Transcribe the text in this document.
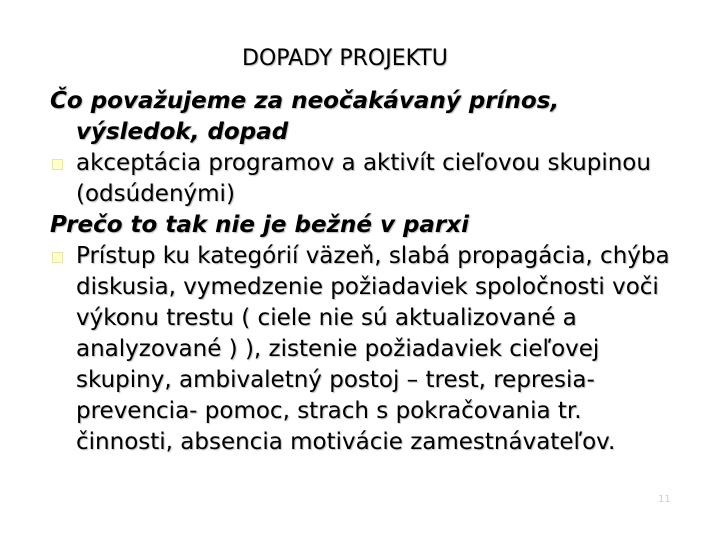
DOPADY PROJEKTU
Čo považujeme za neočakávaný prínos, výsledok, dopad
akceptácia programov a aktivít cieľovou skupinou (odsúdenými)
Prečo to tak nie je bežné v parxi
Prístup ku kategórií väzeň, slabá propagácia, chýba diskusia, vymedzenie požiadaviek spoločnosti voči výkonu trestu ( ciele nie sú aktualizované a analyzované ) ), zistenie požiadaviek cieľovej skupiny, ambivaletný postoj – trest, represia- prevencia- pomoc, strach s pokračovania tr. činnosti, absencia motivácie zamestnávateľov.
11
